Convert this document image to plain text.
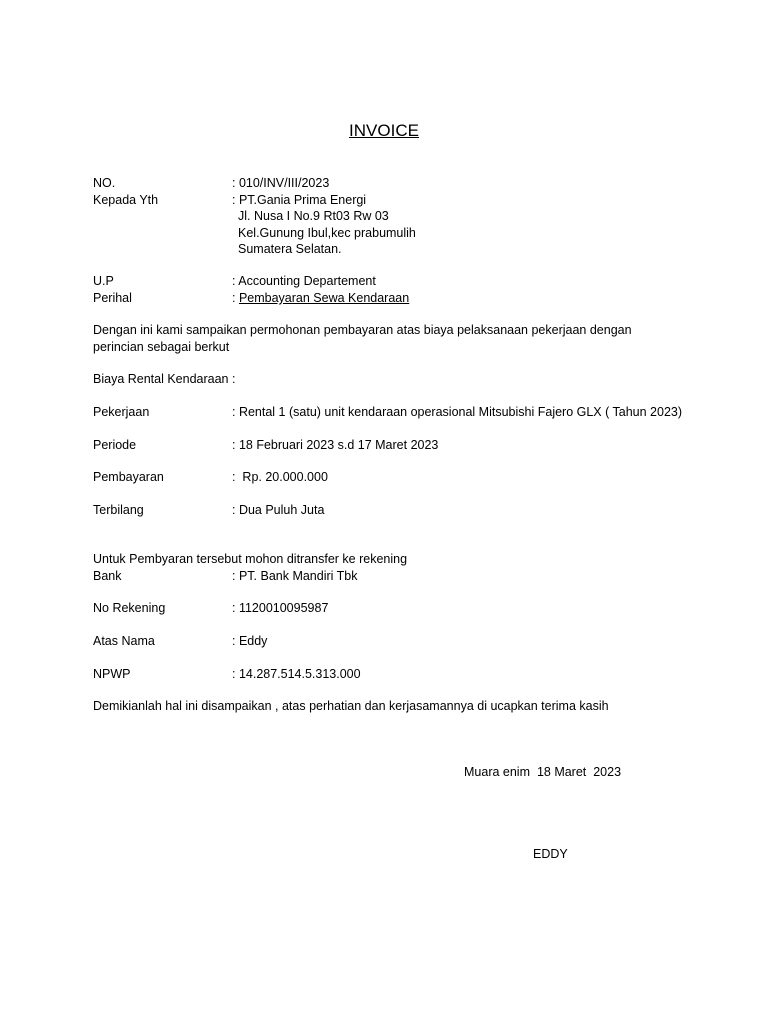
INVOICE
NO.	: 010/INV/III/2023
Kepada Yth	: PT.Gania Prima Energi
Jl. Nusa I No.9 Rt03 Rw 03
Kel.Gunung Ibul,kec prabumulih
Sumatera Selatan.
U.P	: Accounting Departement
Perihal	: Pembayaran Sewa Kendaraan
Dengan ini kami sampaikan permohonan pembayaran atas biaya pelaksanaan pekerjaan dengan
perincian sebagai berkut
Biaya Rental Kendaraan :
Pekerjaan	: Rental 1 (satu) unit kendaraan operasional Mitsubishi Fajero GLX ( Tahun 2023)
Periode	: 18 Februari 2023 s.d 17 Maret 2023
Pembayaran	:  Rp. 20.000.000
Terbilang	: Dua Puluh Juta
Untuk Pembyaran tersebut mohon ditransfer ke rekening
Bank	: PT. Bank Mandiri Tbk
No Rekening	: 1120010095987
Atas Nama	: Eddy
NPWP	: 14.287.514.5.313.000
Demikianlah hal ini disampaikan , atas perhatian dan kerjasamannya di ucapkan terima kasih
Muara enim  18 Maret  2023
EDDY
